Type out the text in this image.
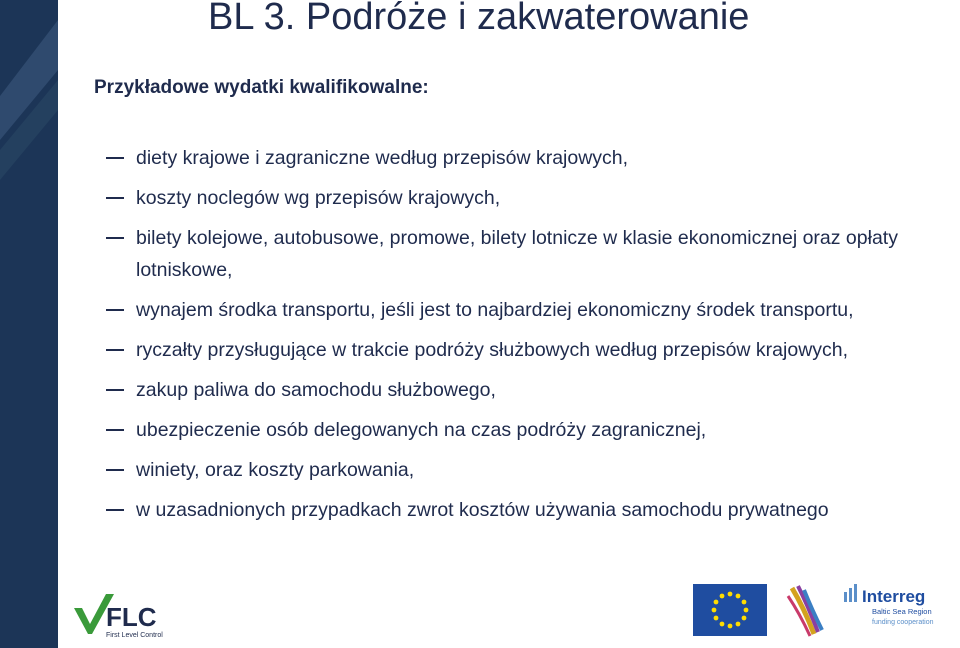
BL 3. Podróże i zakwaterowanie
Przykładowe wydatki kwalifikowalne:
diety krajowe i zagraniczne według przepisów krajowych,
koszty noclegów wg przepisów krajowych,
bilety kolejowe, autobusowe, promowe, bilety lotnicze w klasie ekonomicznej oraz opłaty lotniskowe,
wynajem środka transportu, jeśli jest to najbardziej ekonomiczny środek transportu,
ryczałty przysługujące w trakcie podróży służbowych według przepisów krajowych,
zakup paliwa do samochodu służbowego,
ubezpieczenie osób delegowanych na czas podróży zagranicznej,
winiety, oraz koszty parkowania,
w uzasadnionych przypadkach zwrot kosztów używania samochodu prywatnego
FLC
First Level Control
Interreg
Baltic Sea Region
funding cooperation
